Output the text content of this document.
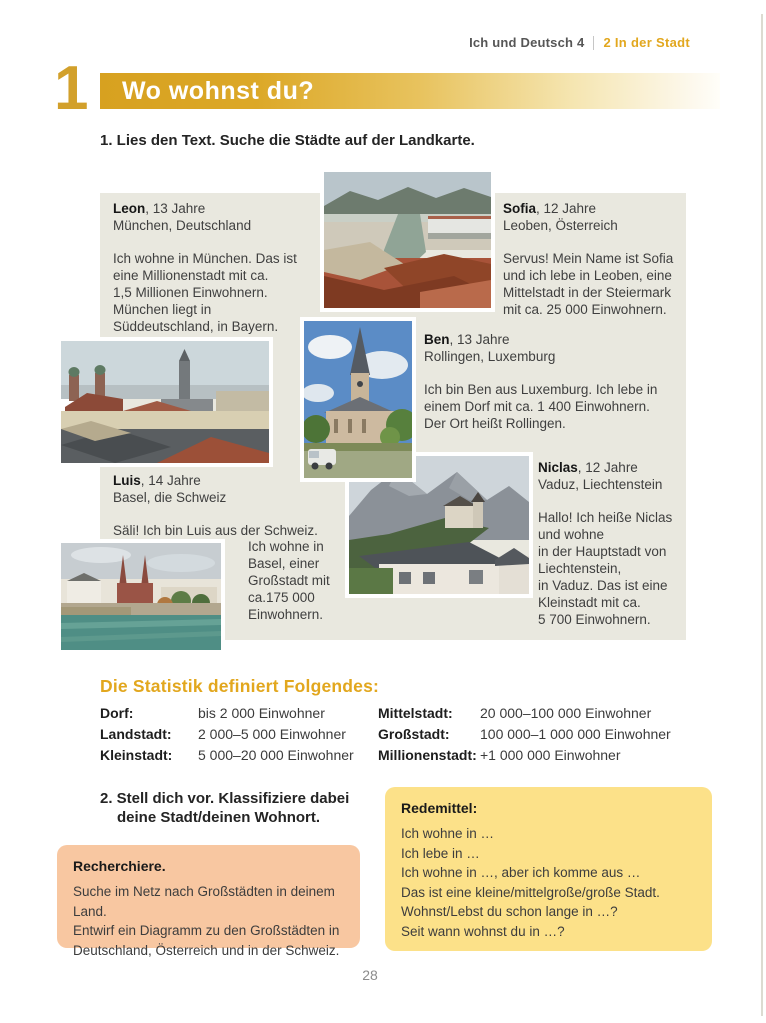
Ich und Deutsch 4 2 In der Stadt
1	Wo wohnst du?
1. Lies den Text. Suche die Städte auf der Landkarte.
Leon, 13 Jahre
München, Deutschland
Ich wohne in München. Das ist
eine Millionenstadt mit ca.
1,5 Millionen Einwohnern.
München liegt in
Süddeutschland, in Bayern.
Sofia, 12 Jahre
Leoben, Österreich
Servus! Mein Name ist Sofia
und ich lebe in Leoben, eine
Mittelstadt in der Steiermark
mit ca. 25 000 Einwohnern.
Ben, 13 Jahre
Rollingen, Luxemburg
Ich bin Ben aus Luxemburg. Ich lebe in
einem Dorf mit ca. 1 400 Einwohnern.
Der Ort heißt Rollingen.
Luis, 14 Jahre
Basel, die Schweiz
Säli! Ich bin Luis aus der Schweiz.
Ich wohne in
Basel, einer
Großstadt mit
ca.175 000
Einwohnern.
Niclas, 12 Jahre
Vaduz, Liechtenstein
Hallo! Ich heiße Niclas
und wohne
in der Hauptstadt von
Liechtenstein,
in Vaduz. Das ist eine
Kleinstadt mit ca.
5 700 Einwohnern.
Die Statistik definiert Folgendes:
Dorf:	bis 2 000 Einwohner	Mittelstadt:	20 000–100 000 Einwohner
Landstadt:	2 000–5 000 Einwohner	Großstadt:	100 000–1 000 000 Einwohner
Kleinstadt:	5 000–20 000 Einwohner	Millionenstadt: +1 000 000 Einwohner
2. Stell dich vor. Klassifiziere dabei
deine Stadt/deinen Wohnort.
Recherchiere.
Suche im Netz nach Großstädten in deinem Land.
Entwirf ein Diagramm zu den Großstädten in
Deutschland, Österreich und in der Schweiz.
Redemittel:
Ich wohne in …
Ich lebe in …
Ich wohne in …, aber ich komme aus …
Das ist eine kleine/mittelgroße/große Stadt.
Wohnst/Lebst du schon lange in …?
Seit wann wohnst du in …?
28
